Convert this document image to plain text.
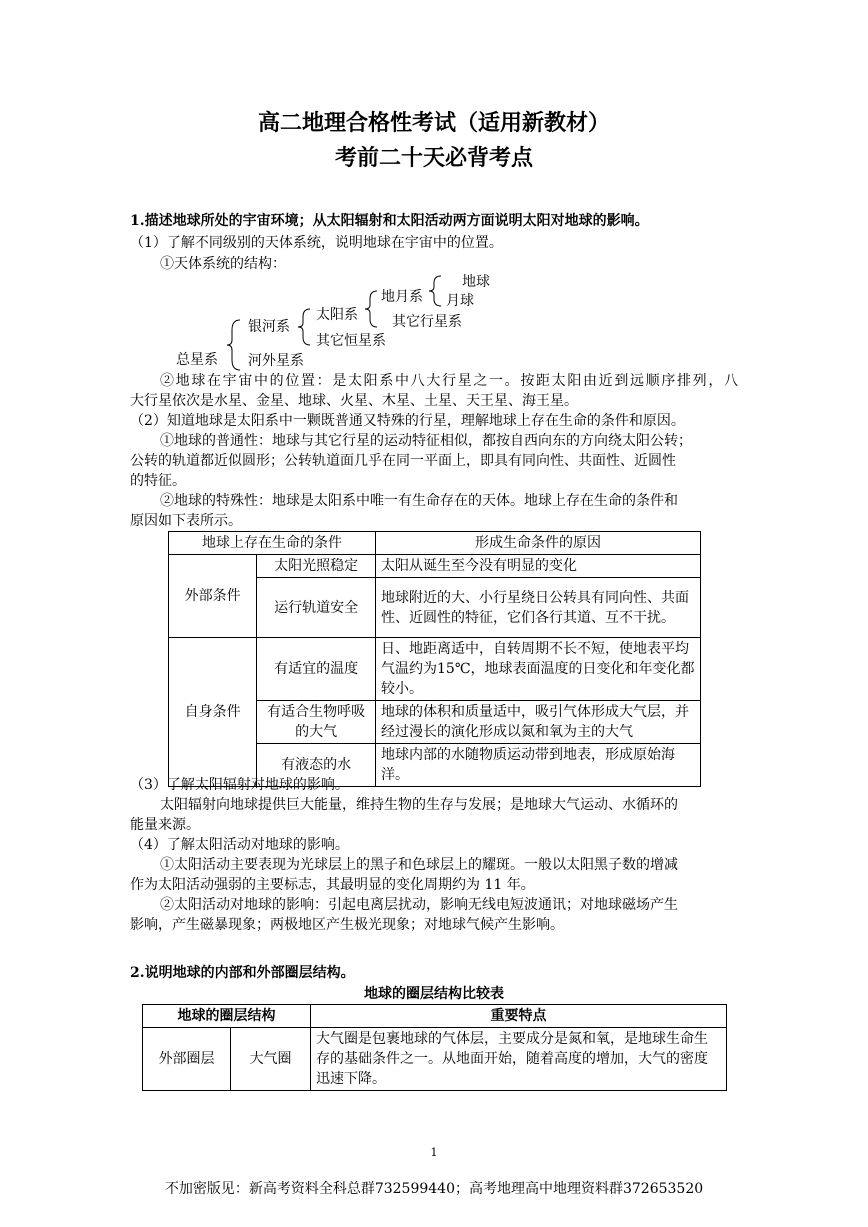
高二地理合格性考试（适用新教材）
考前二十天必背考点
1.描述地球所处的宇宙环境；从太阳辐射和太阳活动两方面说明太阳对地球的影响。
（1）了解不同级别的天体系统，说明地球在宇宙中的位置。
①天体系统的结构：
总星系
银河系
河外星系
太阳系
其它恒星系
地月系
其它行星系
地球
月球
②地球在宇宙中的位置：是太阳系中八大行星之一。按距太阳由近到远顺序排列，八
大行星依次是水星、金星、地球、火星、木星、土星、天王星、海王星。
（2）知道地球是太阳系中一颗既普通又特殊的行星，理解地球上存在生命的条件和原因。
①地球的普通性：地球与其它行星的运动特征相似，都按自西向东的方向绕太阳公转；
公转的轨道都近似圆形；公转轨道面几乎在同一平面上，即具有同向性、共面性、近圆性
的特征。
②地球的特殊性：地球是太阳系中唯一有生命存在的天体。地球上存在生命的条件和
原因如下表所示。
地球上存在生命的条件		形成生命条件的原因
外部条件	太阳光照稳定	太阳从诞生至今没有明显的变化
	运行轨道安全	地球附近的大、小行星绕日公转具有同向性、共面性、近圆性的特征，它们各行其道、互不干扰。
自身条件	有适宜的温度	日、地距离适中，自转周期不长不短，使地表平均气温约为15℃，地球表面温度的日变化和年变化都较小。
	有适合生物呼吸的大气	地球的体积和质量适中，吸引气体形成大气层，并经过漫长的演化形成以氮和氧为主的大气
	有液态的水	地球内部的水随物质运动带到地表，形成原始海洋。
（3）了解太阳辐射对地球的影响。
太阳辐射向地球提供巨大能量，维持生物的生存与发展；是地球大气运动、水循环的
能量来源。
（4）了解太阳活动对地球的影响。
①太阳活动主要表现为光球层上的黑子和色球层上的耀斑。一般以太阳黑子数的增减
作为太阳活动强弱的主要标志，其最明显的变化周期约为 11 年。
②太阳活动对地球的影响：引起电离层扰动，影响无线电短波通讯；对地球磁场产生
影响，产生磁暴现象；两极地区产生极光现象；对地球气候产生影响。
2.说明地球的内部和外部圈层结构。
地球的圈层结构比较表
地球的圈层结构		重要特点
外部圈层	大气圈	大气圈是包裹地球的气体层，主要成分是氮和氧，是地球生命生存的基础条件之一。从地面开始，随着高度的增加，大气的密度迅速下降。
1
不加密版见：新高考资料全科总群732599440；高考地理高中地理资料群372653520
